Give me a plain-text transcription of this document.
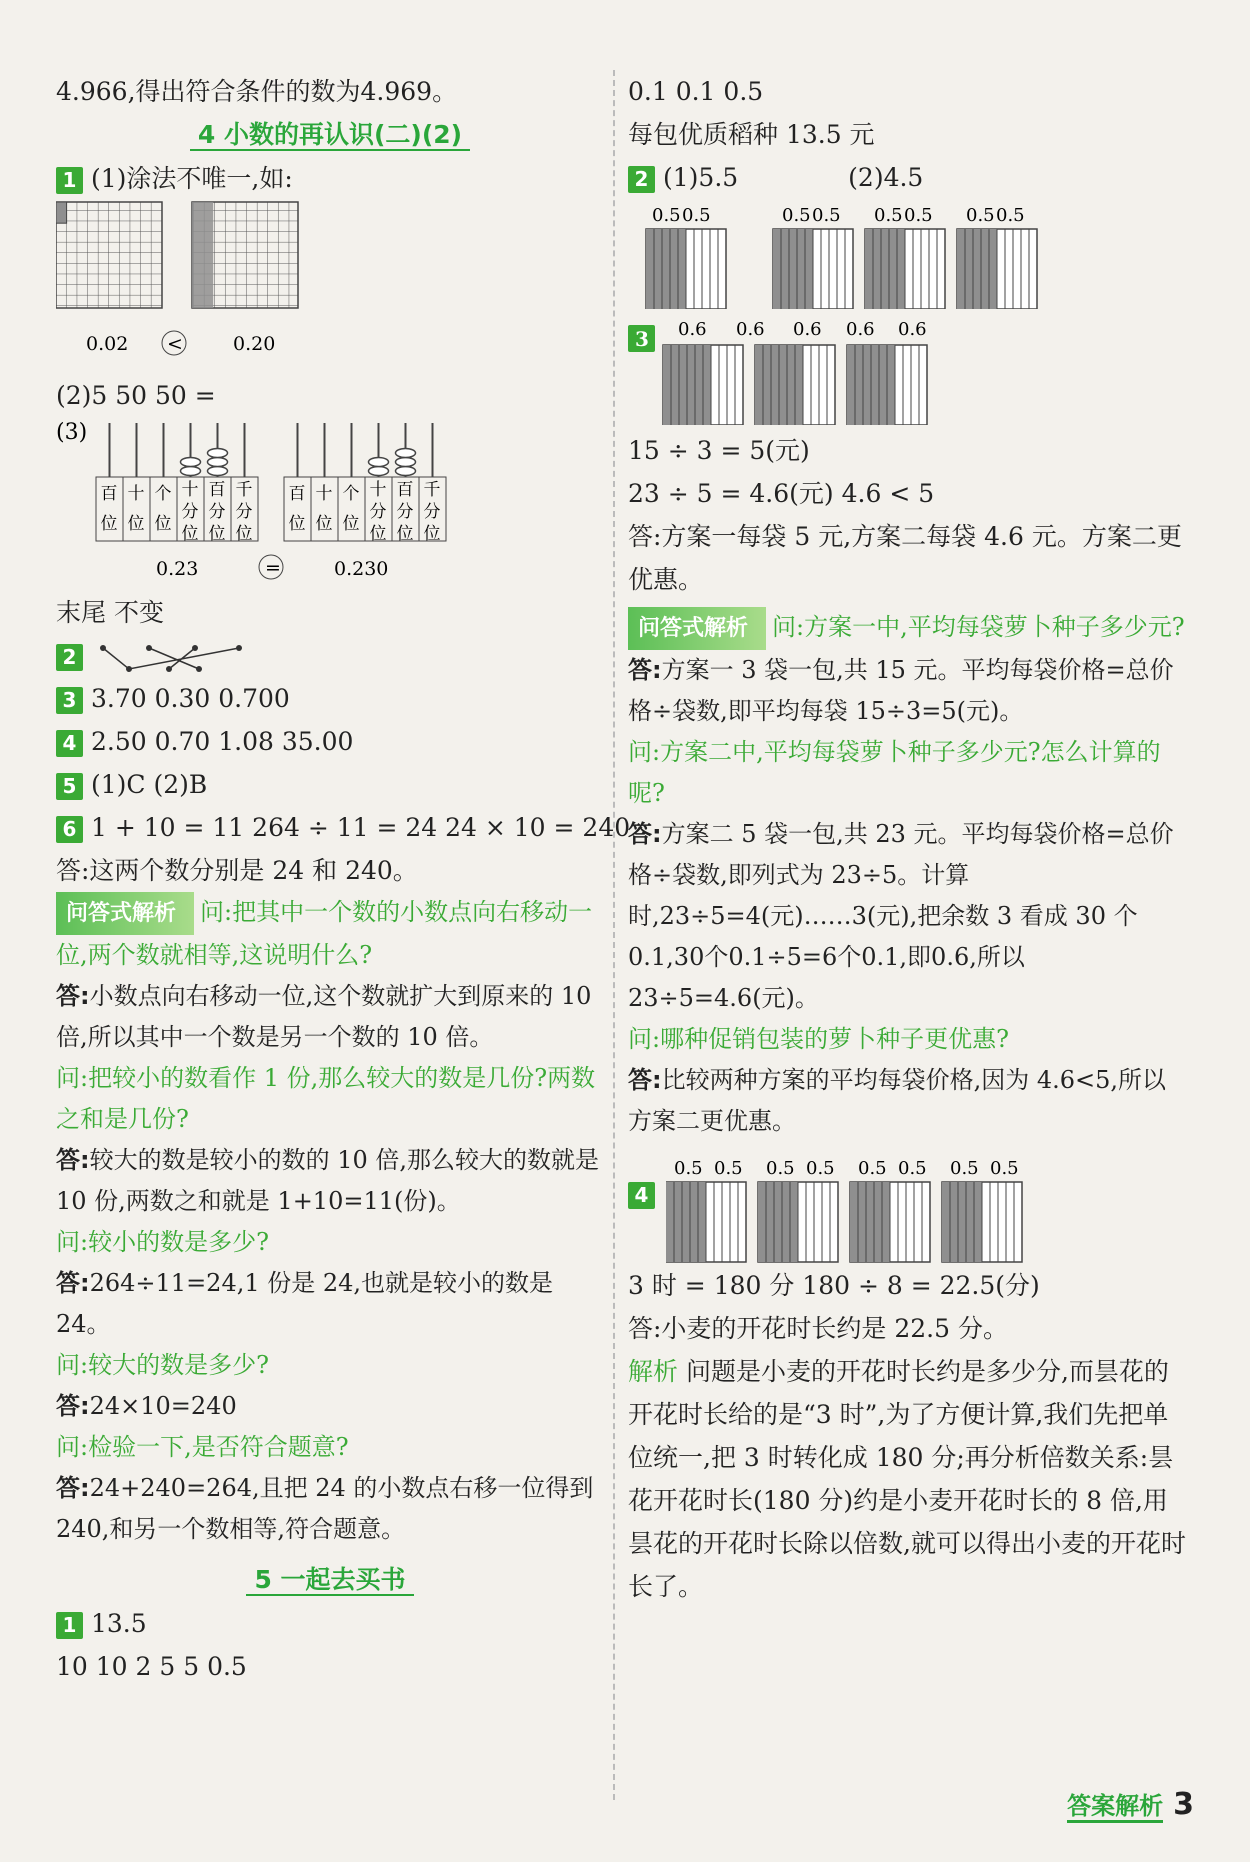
4.966,得出符合条件的数为4.969。
4 小数的再认识(二)(2)
1 (1)涂法不唯一,如:
0.02 <	0.20
(2)5 50 50 =
(3)
百
位
十
位
个
位
十
分
位
百
分
位
千
分
位
百
位
十
位
个
位
十
分
位
百
分
位
千
分
位
0.23	=	0.230
末尾 不变
2
3 3.70 0.30 0.700
4 2.50 0.70 1.08 35.00
5 (1)C (2)B
6 1 + 10 = 11 264 ÷ 11 = 24 24 × 10 = 240
答:这两个数分别是 24 和 240。
问答式解析 问:把其中一个数的小数点向右移动一位,两个数就相等,这说明什么?
答:小数点向右移动一位,这个数就扩大到原来的 10 倍,所以其中一个数是另一个数的 10 倍。
问:把较小的数看作 1 份,那么较大的数是几份?两数之和是几份?
答:较大的数是较小的数的 10 倍,那么较大的数就是 10 份,两数之和就是 1+10=11(份)。
问:较小的数是多少?
答:264÷11=24,1 份是 24,也就是较小的数是 24。
问:较大的数是多少?
答:24×10=240
问:检验一下,是否符合题意?
答:24+240=264,且把 24 的小数点右移一位得到 240,和另一个数相等,符合题意。
5 一起去买书
1 13.5
10 10 2 5 5 0.5
0.1 0.1 0.5
每包优质稻种 13.5 元
2 (1)5.5	(2)4.5
0.5 0.5	0.5 0.5 0.5 0.5 0.5 0.5

3 0.6 0.6 0.6 0.6 0.6
15 ÷ 3 = 5(元)
23 ÷ 5 = 4.6(元) 4.6 < 5
答:方案一每袋 5 元,方案二每袋 4.6 元。方案二更优惠。
问答式解析 问:方案一中,平均每袋萝卜种子多少元?
答:方案一 3 袋一包,共 15 元。平均每袋价格=总价格÷袋数,即平均每袋 15÷3=5(元)。
问:方案二中,平均每袋萝卜种子多少元?怎么计算的呢?
答:方案二 5 袋一包,共 23 元。平均每袋价格=总价格÷袋数,即列式为 23÷5。计算时,23÷5=4(元)……3(元),把余数 3 看成 30 个 0.1,30个0.1÷5=6个0.1,即0.6,所以 23÷5=4.6(元)。
问:哪种促销包装的萝卜种子更优惠?
答:比较两种方案的平均每袋价格,因为 4.6<5,所以方案二更优惠。
4
0.5 0.5 0.5 0.5 0.5 0.5 0.5 0.5
3 时 = 180 分 180 ÷ 8 = 22.5(分)
答:小麦的开花时长约是 22.5 分。
解析 问题是小麦的开花时长约是多少分,而昙花的开花时长给的是“3 时”,为了方便计算,我们先把单位统一,把 3 时转化成 180 分;再分析倍数关系:昙花开花时长(180 分)约是小麦开花时长的 8 倍,用昙花的开花时长除以倍数,就可以得出小麦的开花时长了。
答案解析 3
